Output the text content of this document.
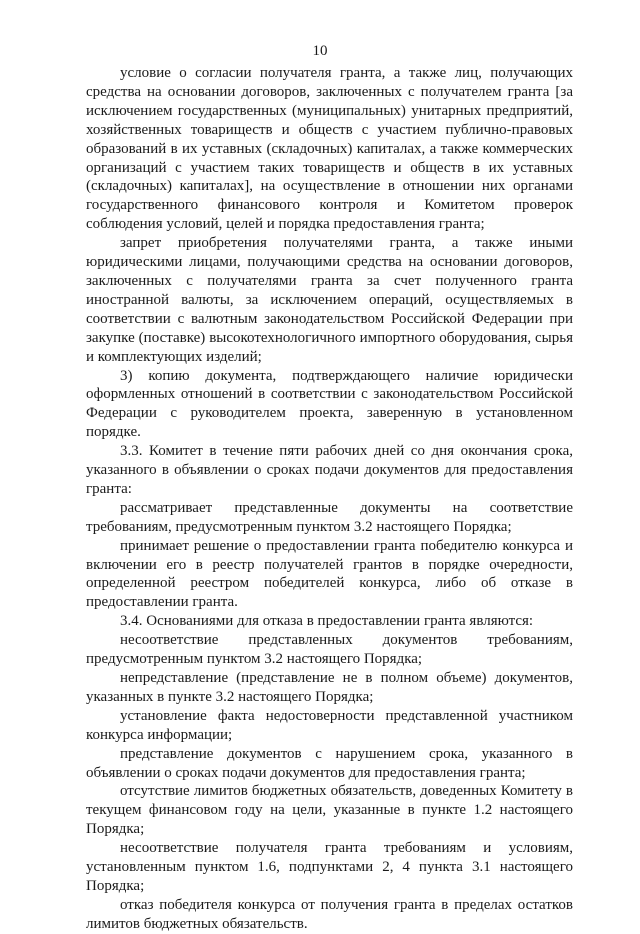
10

условие о согласии получателя гранта, а также лиц, получающих средства на основании договоров, заключенных с получателем гранта [за исключением государственных (муниципальных) унитарных предприятий, хозяйственных товариществ и обществ с участием публично-правовых образований в их уставных (складочных) капиталах, а также коммерческих организаций с участием таких товариществ и обществ в их уставных (складочных) капиталах], на осуществление в отношении них органами государственного финансового контроля и Комитетом проверок соблюдения условий, целей и порядка предоставления гранта;

запрет приобретения получателями гранта, а также иными юридическими лицами, получающими средства на основании договоров, заключенных с получателями гранта за счет полученного гранта иностранной валюты, за исключением операций, осуществляемых в соответствии с валютным законодательством Российской Федерации при закупке (поставке) высокотехнологичного импортного оборудования, сырья и комплектующих изделий;

3) копию документа, подтверждающего наличие юридически оформленных отношений в соответствии с законодательством Российской Федерации с руководителем проекта, заверенную в установленном порядке.

3.3. Комитет в течение пяти рабочих дней со дня окончания срока, указанного в объявлении о сроках подачи документов для предоставления гранта:

рассматривает представленные документы на соответствие требованиям, предусмотренным пунктом 3.2 настоящего Порядка;

принимает решение о предоставлении гранта победителю конкурса и включении его в реестр получателей грантов в порядке очередности, определенной реестром победителей конкурса, либо об отказе в предоставлении гранта.

3.4. Основаниями для отказа в предоставлении гранта являются:

несоответствие представленных документов требованиям, предусмотренным пунктом 3.2 настоящего Порядка;

непредставление (представление не в полном объеме) документов, указанных в пункте 3.2 настоящего Порядка;

установление факта недостоверности представленной участником конкурса информации;

представление документов с нарушением срока, указанного в объявлении о сроках подачи документов для предоставления гранта;

отсутствие лимитов бюджетных обязательств, доведенных Комитету в текущем финансовом году на цели, указанные в пункте 1.2 настоящего Порядка;

несоответствие получателя гранта требованиям и условиям, установленным пунктом 1.6, подпунктами 2, 4 пункта 3.1 настоящего Порядка;

отказ победителя конкурса от получения гранта в пределах остатков лимитов бюджетных обязательств.
